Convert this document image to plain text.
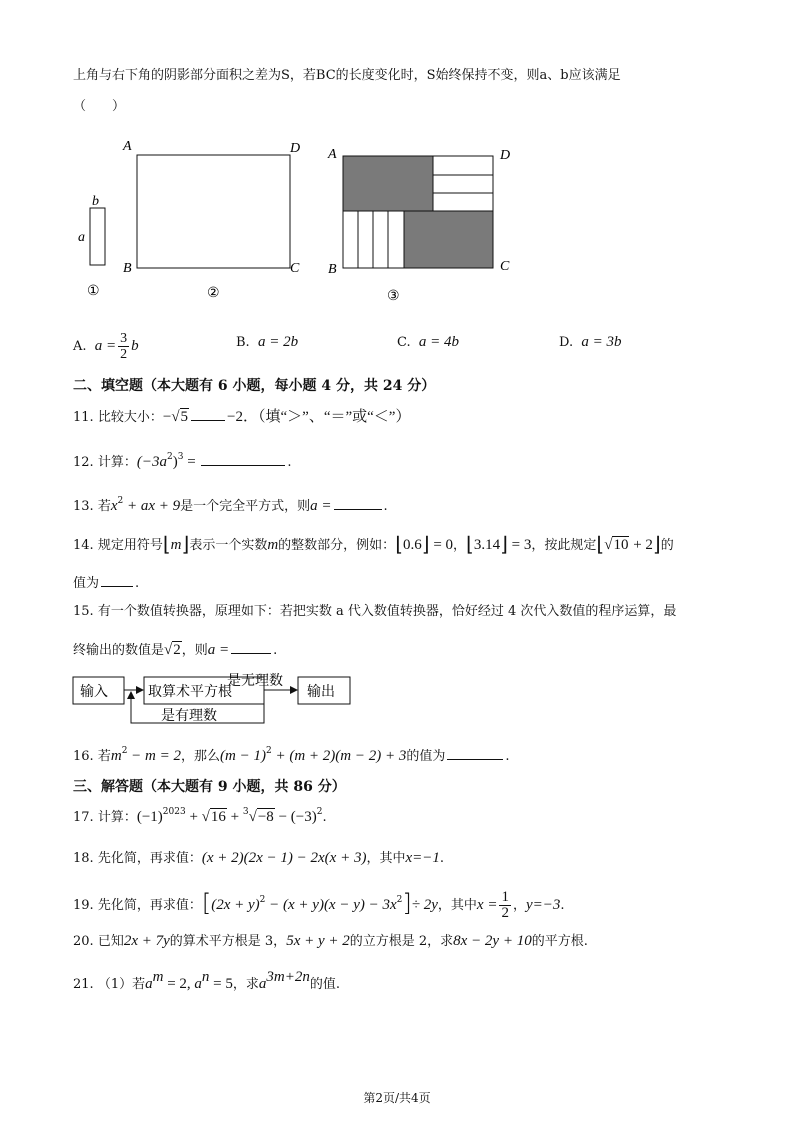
上角与右下角的阴影部分面积之差为S，若BC的长度变化时，S始终保持不变，则a、b应该满足
（　　）
b
a
①
A	D
B	C
②
A	D
B	C
③
A. $a = \frac{3}{2}$ b	B. a = 2b	C. a = 4b	D. a = 3b
二、填空题（本大题有 6 小题，每小题 4 分，共 24 分）
11. 比较大小：−√5	−2．（填“＞”、“＝”或“＜”）
12. 计算：$(-3a^2)^3$ =	.
13. 若$x^2$ + ax + 9是一个完全平方式，则a =	.
14. 规定用符号⌊m⌋表示一个实数m的整数部分，例如：⌊0.6⌋ = 0，⌊3.14⌋ = 3，按此规定⌊√10 + 2⌋的
值为	.
15. 有一个数值转换器，原理如下：若把实数 a 代入数值转换器，恰好经过 4 次代入数值的程序运算，最
终输出的数值是√2，则a =	.
输入	取算术平方根
是无理数
输出
是有理数
16. 若$m^2 - m = 2$，那么$(m - 1)^2 + (m + 2)(m - 2) + 3$的值为	.
三、解答题（本大题有 9 小题，共 86 分）
17. 计算：$(-1)^{2023} + √16 + ^3√-8 - (-3)^2$.
18. 先化简，再求值：(x + 2)(2x − 1) − 2x(x + 3)，其中x=−1.
19. 先化简，再求值：$[(2x + y)^2 - (x + y)(x - y) - 3x^2]\div 2y$，其中$x = \frac{1}{2}$ ，y=−3.
20. 已知2x + 7y的算术平方根是 3，5x + y + 2的立方根是 2，求8x − 2y + 10的平方根.
21. （1）若$a^m = 2$, $a^n = 5$，求$a^{3m+2n}$的值.
第2页/共4页
